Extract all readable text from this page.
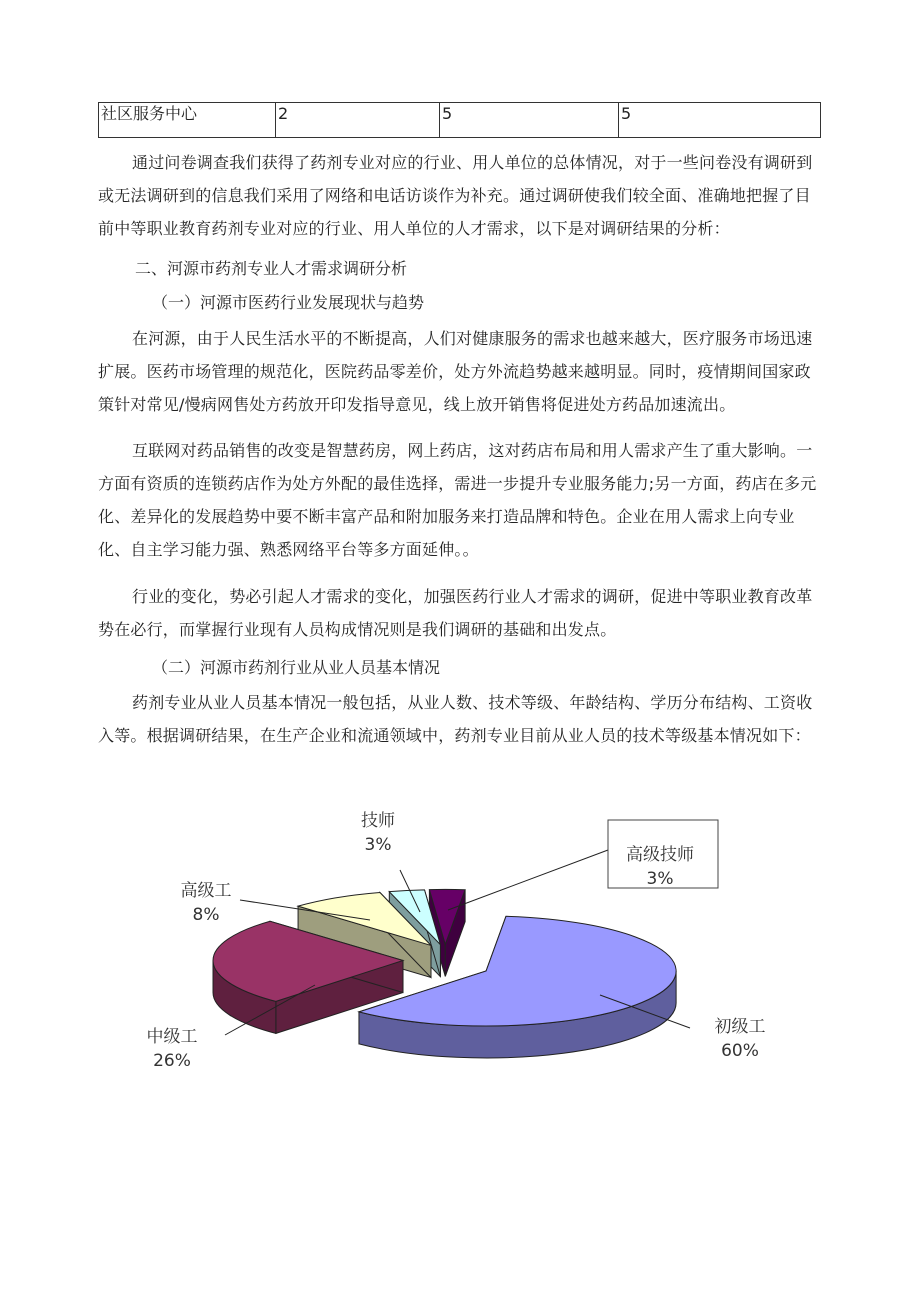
社区服务中心	2	5	5

通过问卷调查我们获得了药剂专业对应的行业、用人单位的总体情况，对于一些问卷没有调研到或无法调研到的信息我们采用了网络和电话访谈作为补充。通过调研使我们较全面、准确地把握了目前中等职业教育药剂专业对应的行业、用人单位的人才需求，以下是对调研结果的分析：

二、河源市药剂专业人才需求调研分析

（一）河源市医药行业发展现状与趋势

在河源，由于人民生活水平的不断提高，人们对健康服务的需求也越来越大，医疗服务市场迅速扩展。医药市场管理的规范化，医院药品零差价，处方外流趋势越来越明显。同时，疫情期间国家政策针对常见/慢病网售处方药放开印发指导意见，线上放开销售将促进处方药品加速流出。

互联网对药品销售的改变是智慧药房，网上药店，这对药店布局和用人需求产生了重大影响。一方面有资质的连锁药店作为处方外配的最佳选择，需进一步提升专业服务能力;另一方面，药店在多元化、差异化的发展趋势中要不断丰富产品和附加服务来打造品牌和特色。企业在用人需求上向专业化、自主学习能力强、熟悉网络平台等多方面延伸。。

行业的变化，势必引起人才需求的变化，加强医药行业人才需求的调研，促进中等职业教育改革势在必行，而掌握行业现有人员构成情况则是我们调研的基础和出发点。

（二）河源市药剂行业从业人员基本情况

药剂专业从业人员基本情况一般包括，从业人数、技术等级、年龄结构、学历分布结构、工资收入等。根据调研结果，在生产企业和流通领域中，药剂专业目前从业人员的技术等级基本情况如下：

初级工
60%
中级工
26%
高级工
8%
技师
3%	高级技师
3%
